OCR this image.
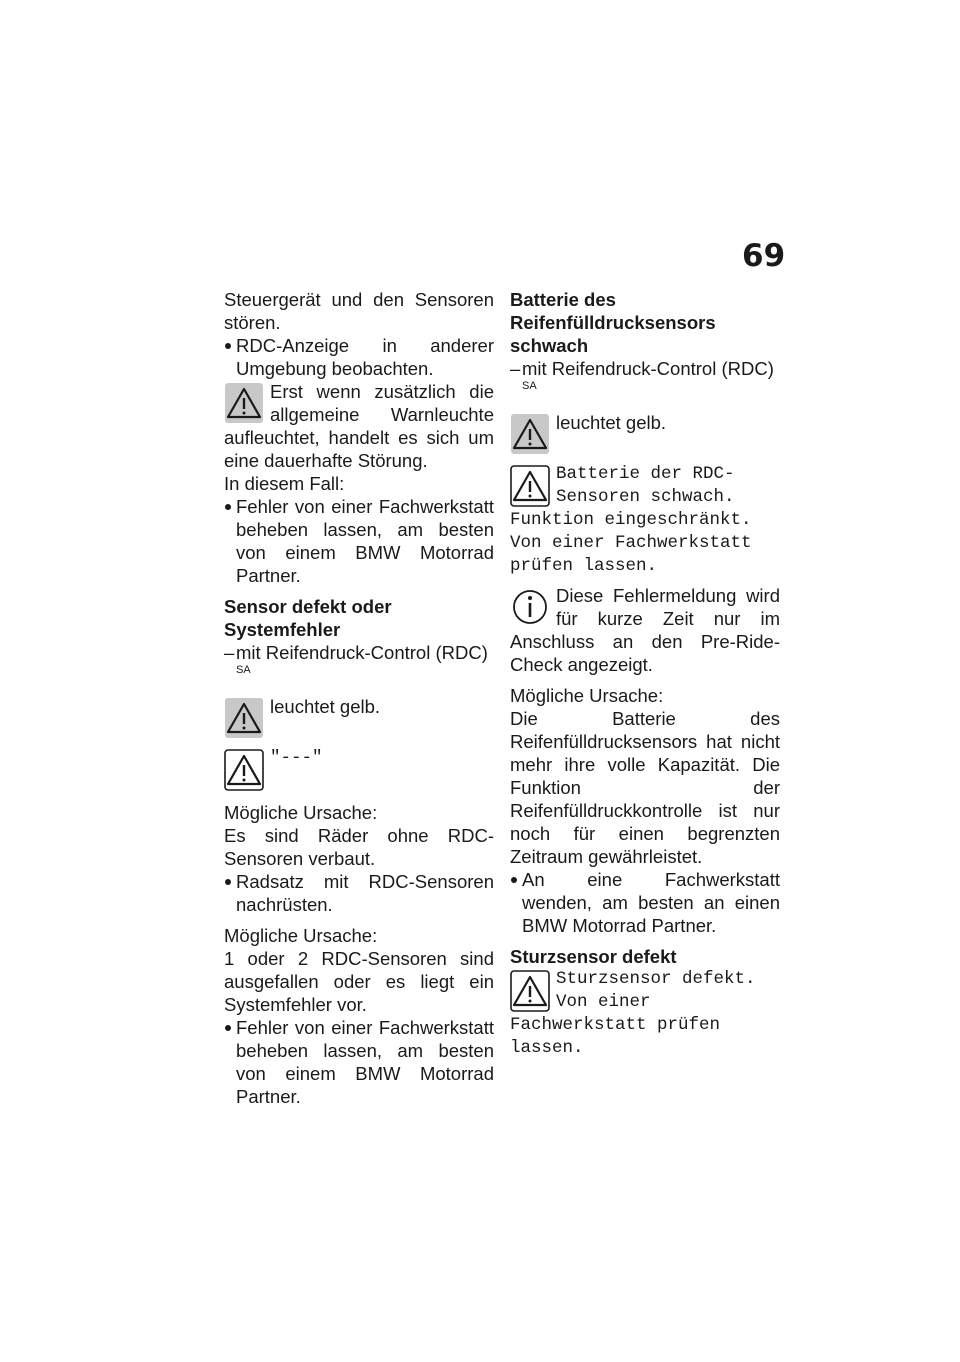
69

Steuergerät und den Sensoren stören.

RDC-Anzeige in anderer Umgebung beobachten.

Erst wenn zusätzlich die allgemeine Warnleuchte aufleuchtet, handelt es sich um eine dauerhafte Störung.

In diesem Fall:

Fehler von einer Fachwerkstatt beheben lassen, am besten von einem BMW Motorrad Partner.

Sensor defekt oder Systemfehler

– mit Reifendruck-Control (RDC) $^{SA}$

leuchtet gelb.

"---"

Mögliche Ursache:

Es sind Räder ohne RDC-Sensoren verbaut.

Radsatz mit RDC-Sensoren nachrüsten.

Mögliche Ursache:

1 oder 2 RDC-Sensoren sind ausgefallen oder es liegt ein Systemfehler vor.

Fehler von einer Fachwerkstatt beheben lassen, am besten von einem BMW Motorrad Partner.

Batterie des Reifenfülldrucksensors schwach

– mit Reifendruck-Control (RDC) $^{SA}$

leuchtet gelb.

Batterie der RDC-Sensoren schwach. Funktion eingeschränkt. Von einer Fachwerkstatt prüfen lassen.

Diese Fehlermeldung wird für kurze Zeit nur im Anschluss an den Pre-Ride-Check angezeigt.

Mögliche Ursache:

Die Batterie des Reifenfülldrucksensors hat nicht mehr ihre volle Kapazität. Die Funktion der Reifenfülldruckkontrolle ist nur noch für einen begrenzten Zeitraum gewährleistet.

An eine Fachwerkstatt wenden, am besten an einen BMW Motorrad Partner.

Sturzsensor defekt

Sturzsensor defekt. Von einer Fachwerkstatt prüfen lassen.
